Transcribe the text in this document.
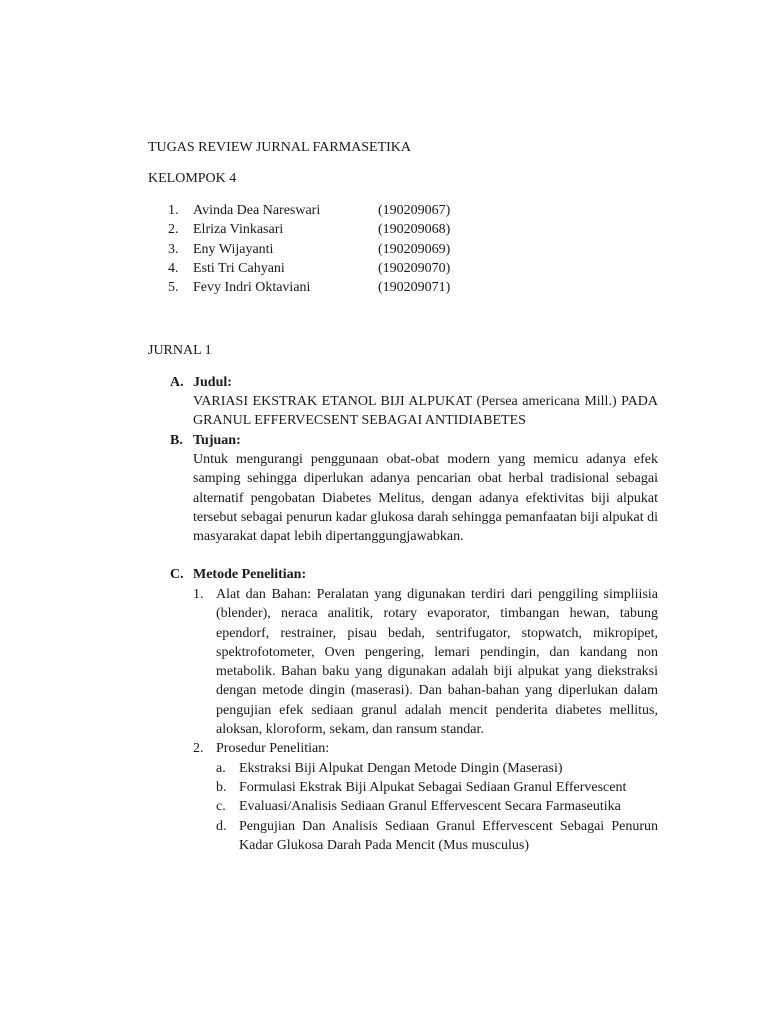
TUGAS REVIEW JURNAL FARMASETIKA
KELOMPOK 4
1.	Avinda Dea Nareswari	(190209067)
2.	Elriza Vinkasari	(190209068)
3.	Eny Wijayanti	(190209069)
4.	Esti Tri Cahyani	(190209070)
5.	Fevy Indri Oktaviani	(190209071)
JURNAL 1
A. Judul:
VARIASI EKSTRAK ETANOL BIJI ALPUKAT (Persea americana Mill.) PADA GRANUL EFFERVECSENT SEBAGAI ANTIDIABETES
B. Tujuan:
Untuk mengurangi penggunaan obat-obat modern yang memicu adanya efek samping sehingga diperlukan adanya pencarian obat herbal tradisional sebagai alternatif pengobatan Diabetes Melitus, dengan adanya efektivitas biji alpukat tersebut sebagai penurun kadar glukosa darah sehingga pemanfaatan biji alpukat di masyarakat dapat lebih dipertanggungjawabkan.
C. Metode Penelitian:
1. Alat dan Bahan: Peralatan yang digunakan terdiri dari penggiling simpliisia (blender), neraca analitik, rotary evaporator, timbangan hewan, tabung ependorf, restrainer, pisau bedah, sentrifugator, stopwatch, mikropipet, spektrofotometer, Oven pengering, lemari pendingin, dan kandang non metabolik. Bahan baku yang digunakan adalah biji alpukat yang diekstraksi dengan metode dingin (maserasi). Dan bahan-bahan yang diperlukan dalam pengujian efek sediaan granul adalah mencit penderita diabetes mellitus, aloksan, kloroform, sekam, dan ransum standar.
2. Prosedur Penelitian:
a. Ekstraksi Biji Alpukat Dengan Metode Dingin (Maserasi)
b. Formulasi Ekstrak Biji Alpukat Sebagai Sediaan Granul Effervescent
c. Evaluasi/Analisis Sediaan Granul Effervescent Secara Farmaseutika
d. Pengujian Dan Analisis Sediaan Granul Effervescent Sebagai Penurun Kadar Glukosa Darah Pada Mencit (Mus musculus)
